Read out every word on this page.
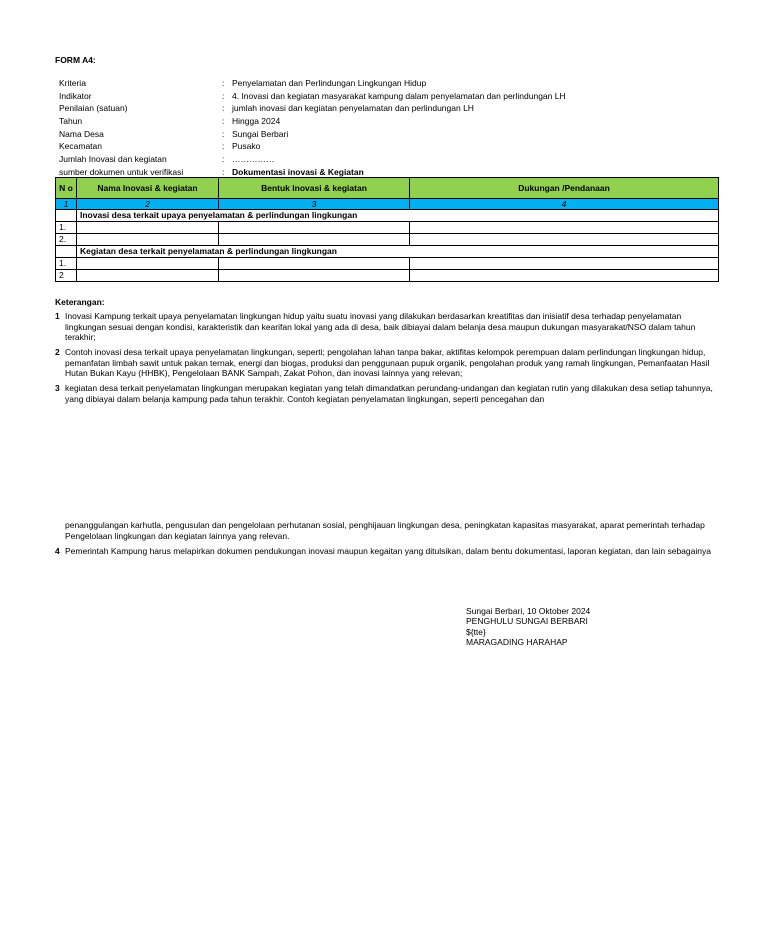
FORM A4:
Kriteria	: Penyelamatan dan Perlindungan Lingkungan Hidup
Indikator	: 4. Inovasi dan kegiatan masyarakat kampung dalam penyelamatan dan perlindungan LH
Penilaian (satuan)	: jumlah inovasi dan kegiatan penyelamatan dan perlindungan LH
Tahun	: Hingga 2024
Nama Desa	: Sungai Berbari
Kecamatan	: Pusako
Jumlah Inovasi dan kegiatan	: ……………
sumber dokumen untuk verifikasi	: Dokumentasi inovasi & Kegiatan
N o	Nama Inovasi & kegiatan	Bentuk Inovasi & kegiatan	Dukungan /Pendanaan
1	2	3	4
	Inovasi desa terkait upaya penyelamatan & perlindungan lingkungan		
1.			
2.			
	Kegiatan desa terkait penyelamatan & perlindungan lingkungan		
1.			
2			
Keterangan:
1 Inovasi Kampung terkait upaya penyelamatan lingkungan hidup yaitu suatu inovasi yang dilakukan berdasarkan kreatifitas dan inisiatif desa terhadap penyelamatan lingkungan sesuai dengan kondisi, karakteristik dan kearifan lokal yang ada di desa, baik dibiayai dalam belanja desa maupun dukungan masyarakat/NSO dalam tahun terakhir;
2 Contoh inovasi desa terkait upaya penyelamatan lingkungan, seperti; pengolahan lahan tanpa bakar, aktifitas kelompok perempuan dalam perlindungan lingkungan hidup, pemanfatan limbah sawit untuk pakan ternak, energi dan biogas, produksi dan penggunaan pupuk organik, pengolahan produk yang ramah lingkungan, Pemanfaatan Hasil Hutan Bukan Kayu (HHBK), Pengelolaan BANK Sampah, Zakat Pohon, dan inovasi lainnya yang relevan;
3 kegiatan desa terkait penyelamatan lingkungan merupakan kegiatan yang telah dimandatkan perundang-undangan dan kegiatan rutin yang dilakukan desa setiap tahunnya, yang dibiayai dalam belanja kampung pada tahun terakhir. Contoh kegiatan penyelamatan lingkungan, seperti pencegahan dan
penanggulangan karhutla, pengusulan dan pengelolaan perhutanan sosial, penghijauan lingkungan desa, peningkatan kapasitas masyarakat, aparat pemerintah terhadap Pengelolaan lingkungan dan kegiatan lainnya yang relevan.
4 Pemerintah Kampung harus melapirkan dokumen pendukungan inovasi maupun kegaitan yang ditulsikan, dalam bentu dokumentasi, laporan kegiatan, dan lain sebagainya
Sungai Berbari, 10 Oktober 2024
PENGHULU SUNGAI BERBARI
${tte}
MARAGADING HARAHAP
